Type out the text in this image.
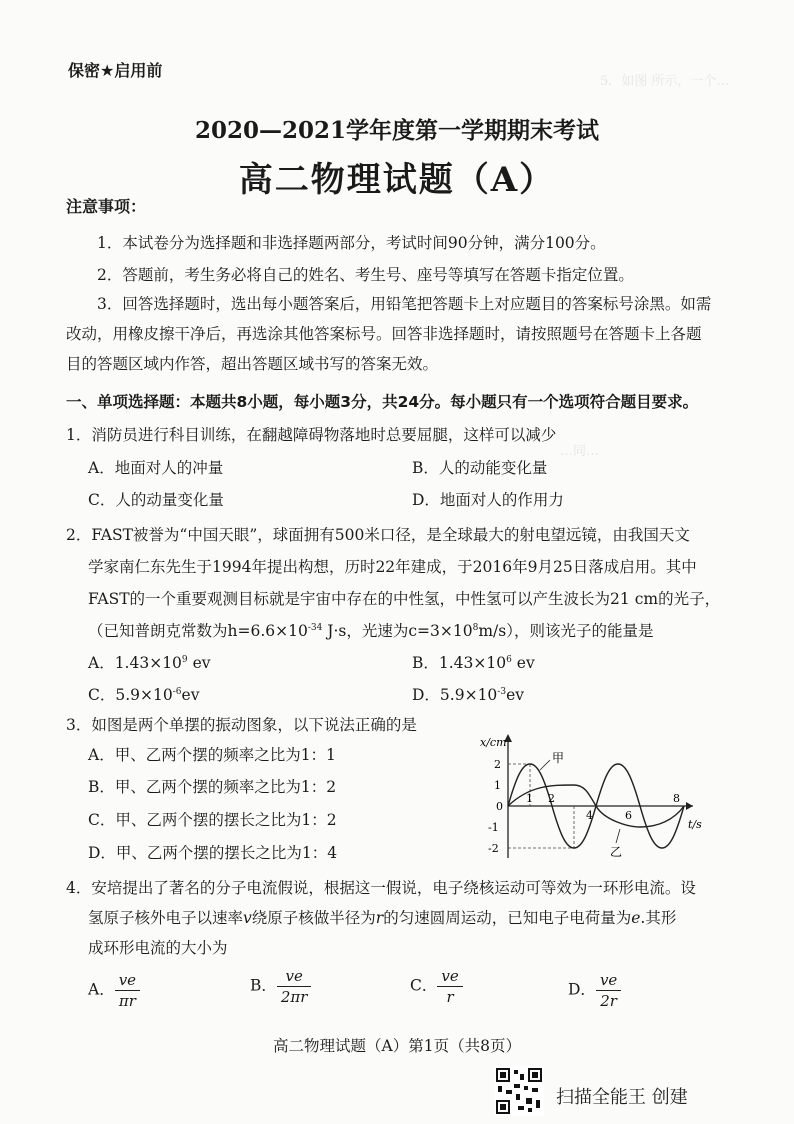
5．如图 所示，一个…
…同…
保密★启用前
2020—2021学年度第一学期期末考试
高二物理试题（A）
注意事项：
1．本试卷分为选择题和非选择题两部分，考试时间90分钟，满分100分。
2．答题前，考生务必将自己的姓名、考生号、座号等填写在答题卡指定位置。
3．回答选择题时，选出每小题答案后，用铅笔把答题卡上对应题目的答案标号涂黑。如需改动，用橡皮擦干净后，再选涂其他答案标号。回答非选择题时，请按照题号在答题卡上各题目的答题区域内作答，超出答题区域书写的答案无效。
一、单项选择题：本题共8小题，每小题3分，共24分。每小题只有一个选项符合题目要求。
1．消防员进行科目训练，在翻越障碍物落地时总要屈腿，这样可以减少
A．地面对人的冲量	B．人的动能变化量
C．人的动量变化量	D．地面对人的作用力
2．FAST被誉为“中国天眼”，球面拥有500米口径，是全球最大的射电望远镜，由我国天文
学家南仁东先生于1994年提出构想，历时22年建成，于2016年9月25日落成启用。其中
FAST的一个重要观测目标就是宇宙中存在的中性氢，中性氢可以产生波长为21 cm的光子，
（已知普朗克常数为$h=6.6\times 10^{-34}$ J·s，光速为$c=3\times 10^8m/s$），则该光子的能量是
A．$1.43\times 10^9$ ev	B．$1.43\times 10^6$ ev
C．$5.9\times 10^{-6}ev$	D．$5.9\times 10^{-3}ev$
3．如图是两个单摆的振动图象，以下说法正确的是
A．甲、乙两个摆的频率之比为1：1
B．甲、乙两个摆的频率之比为1：2
C．甲、乙两个摆的摆长之比为1：2
D．甲、乙两个摆的摆长之比为1：4
x/cm
t/s
2
1
0
-1
-2
1 2
4	6
8
甲
乙
4．安培提出了著名的分子电流假说，根据这一假说，电子绕核运动可等效为一环形电流。设
氢原子核外电子以速率v绕原子核做半径为r的匀速圆周运动，已知电子电荷量为e.其形
成环形电流的大小为
A． $\frac{ve}{\pi r}$	B． $\frac{ve}{2\pi r}$	C． $\frac{ve}{r}$	D． $\frac{ve}{2r}$
高二物理试题（A）第1页（共8页）
扫描全能王 创建
